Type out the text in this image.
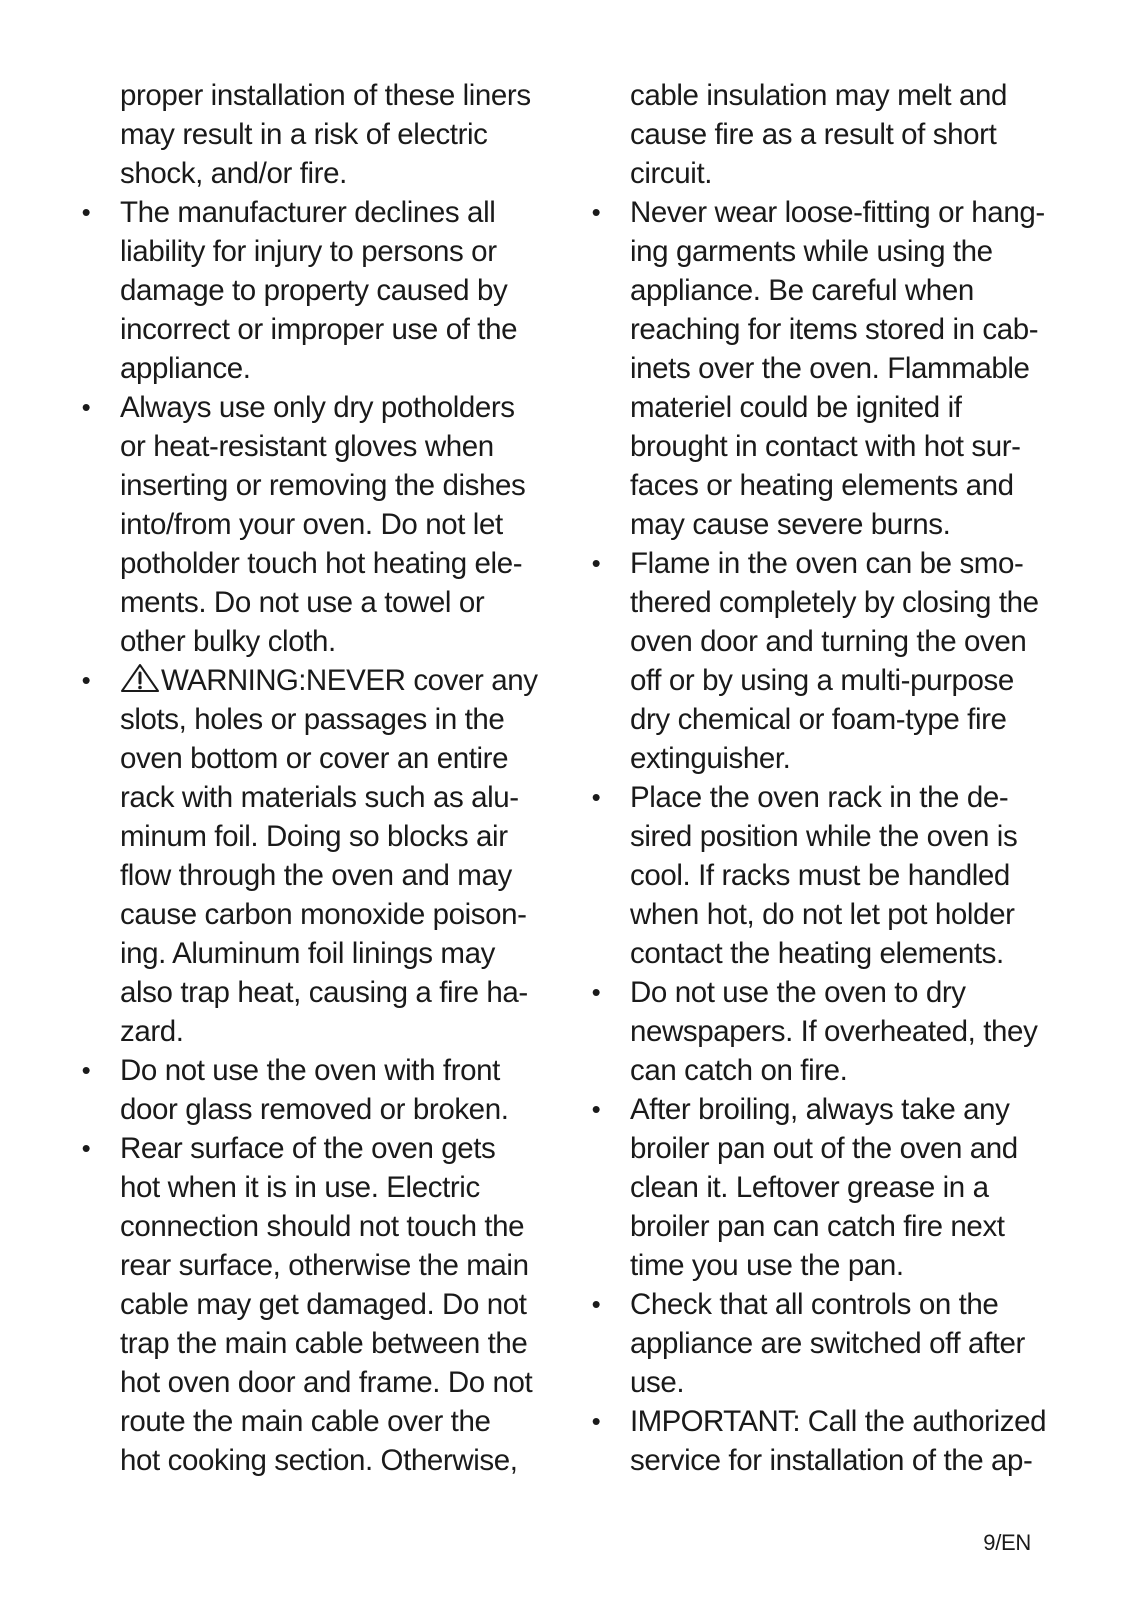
proper installation of these liners
may result in a risk of electric
shock, and/or fire.
• The manufacturer declines all
liability for injury to persons or
damage to property caused by
incorrect or improper use of the
appliance.
• Always use only dry potholders
or heat-resistant gloves when
inserting or removing the dishes
into/from your oven. Do not let
potholder touch hot heating ele-
ments. Do not use a towel or
other bulky cloth.
•	WARNING:NEVER cover any
slots, holes or passages in the
oven bottom or cover an entire
rack with materials such as alu-
minum foil. Doing so blocks air
flow through the oven and may
cause carbon monoxide poison-
ing. Aluminum foil linings may
also trap heat, causing a fire ha-
zard.
• Do not use the oven with front
door glass removed or broken.
• Rear surface of the oven gets
hot when it is in use. Electric
connection should not touch the
rear surface, otherwise the main
cable may get damaged. Do not
trap the main cable between the
hot oven door and frame. Do not
route the main cable over the
hot cooking section. Otherwise,
cable insulation may melt and
cause fire as a result of short
circuit.
• Never wear loose-fitting or hang-
ing garments while using the
appliance. Be careful when
reaching for items stored in cab-
inets over the oven. Flammable
materiel could be ignited if
brought in contact with hot sur-
faces or heating elements and
may cause severe burns.
• Flame in the oven can be smo-
thered completely by closing the
oven door and turning the oven
off or by using a multi-purpose
dry chemical or foam-type fire
extinguisher.
• Place the oven rack in the de-
sired position while the oven is
cool. If racks must be handled
when hot, do not let pot holder
contact the heating elements.
• Do not use the oven to dry
newspapers. If overheated, they
can catch on fire.
• After broiling, always take any
broiler pan out of the oven and
clean it. Leftover grease in a
broiler pan can catch fire next
time you use the pan.
• Check that all controls on the
appliance are switched off after
use.
• IMPORTANT: Call the authorized
service for installation of the ap-
9/EN
